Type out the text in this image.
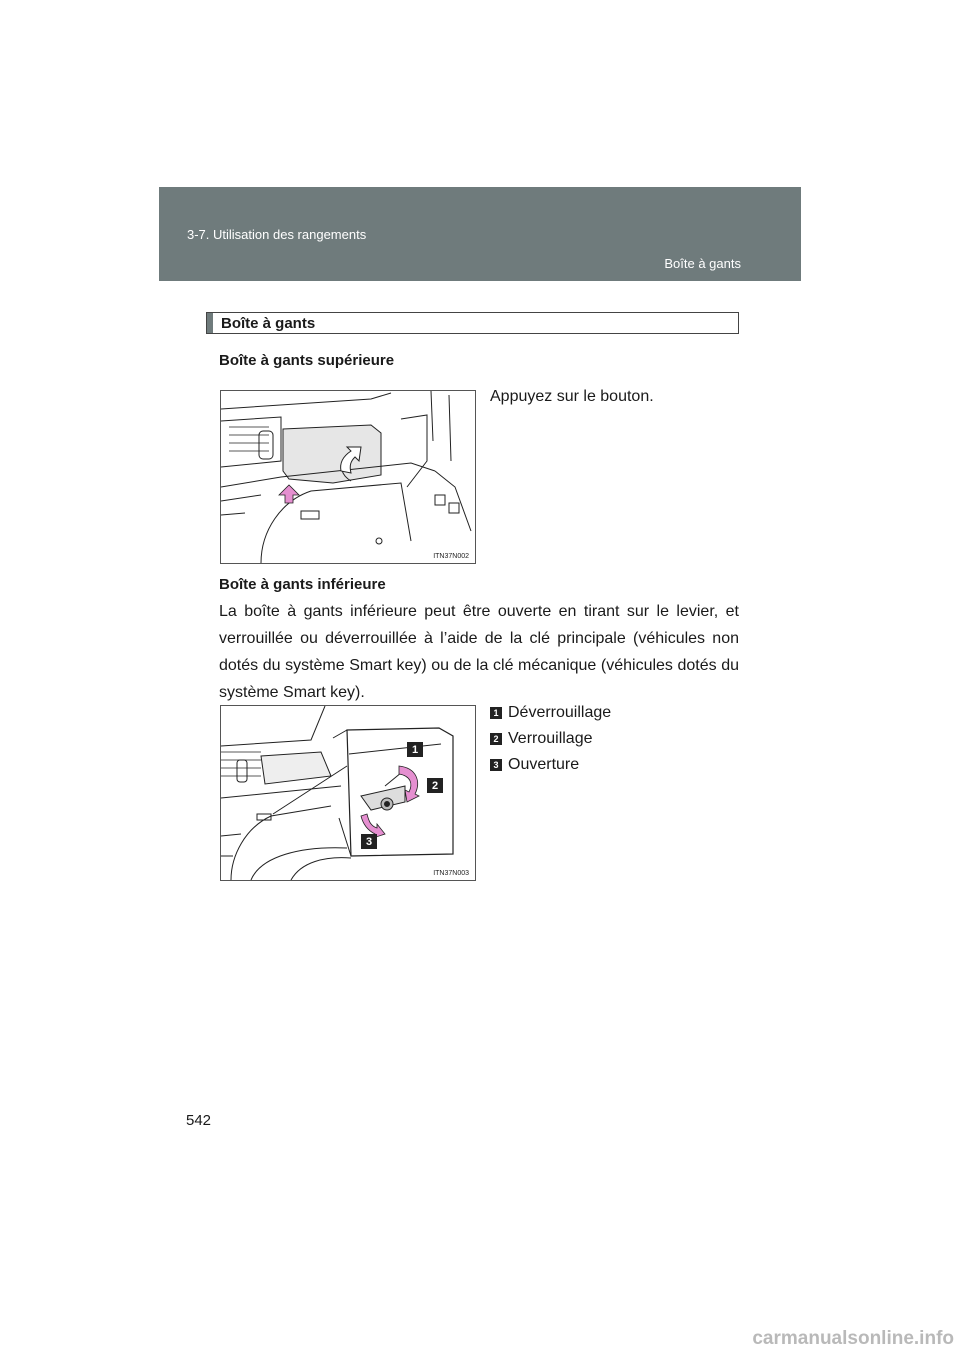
3-7. Utilisation des rangements
Boîte à gants
Boîte à gants
Boîte à gants supérieure
Appuyez sur le bouton.
ITN37N002
Boîte à gants inférieure
La boîte à gants inférieure peut être ouverte en tirant sur le levier, et verrouillée ou déverrouillée à l’aide de la clé principale (véhicules non dotés du système Smart key) ou de la clé mécanique (véhicules dotés du système Smart key).
1
2
3
ITN37N003
1 Déverrouillage
2 Verrouillage
3 Ouverture
542
carmanualsonline.info
